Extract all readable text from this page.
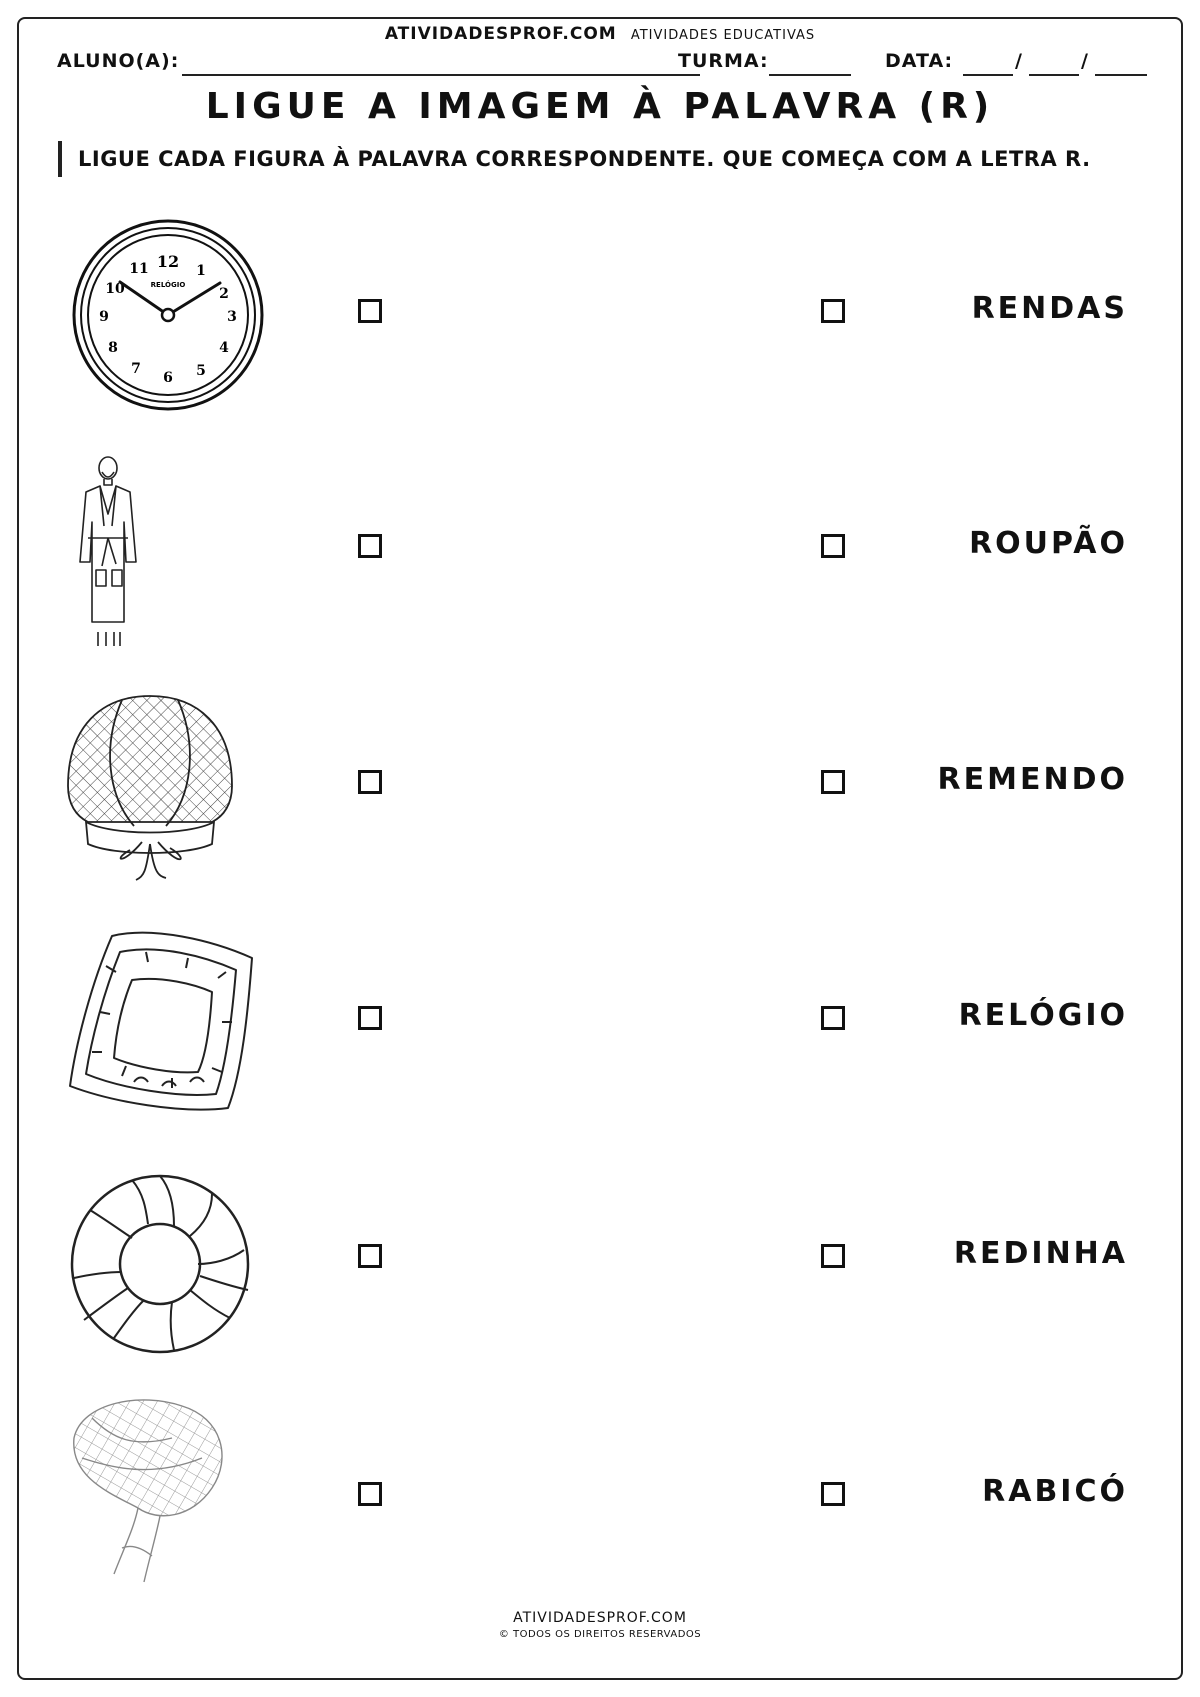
ATIVIDADESPROF.COM ATIVIDADES EDUCATIVAS
ALUNO(A):	TURMA:	DATA:	/	/
LIGUE A IMAGEM À PALAVRA (R)
LIGUE CADA FIGURA À PALAVRA CORRESPONDENTE. QUE COMEÇA COM A LETRA R.
12 1
2
3
4
5
6
7
8
9
10
11
RELÓGIO
RENDAS
ROUPÃO
REMENDO
RELÓGIO
REDINHA
RABICÓ
ATIVIDADESPROF.COM
© TODOS OS DIREITOS RESERVADOS
